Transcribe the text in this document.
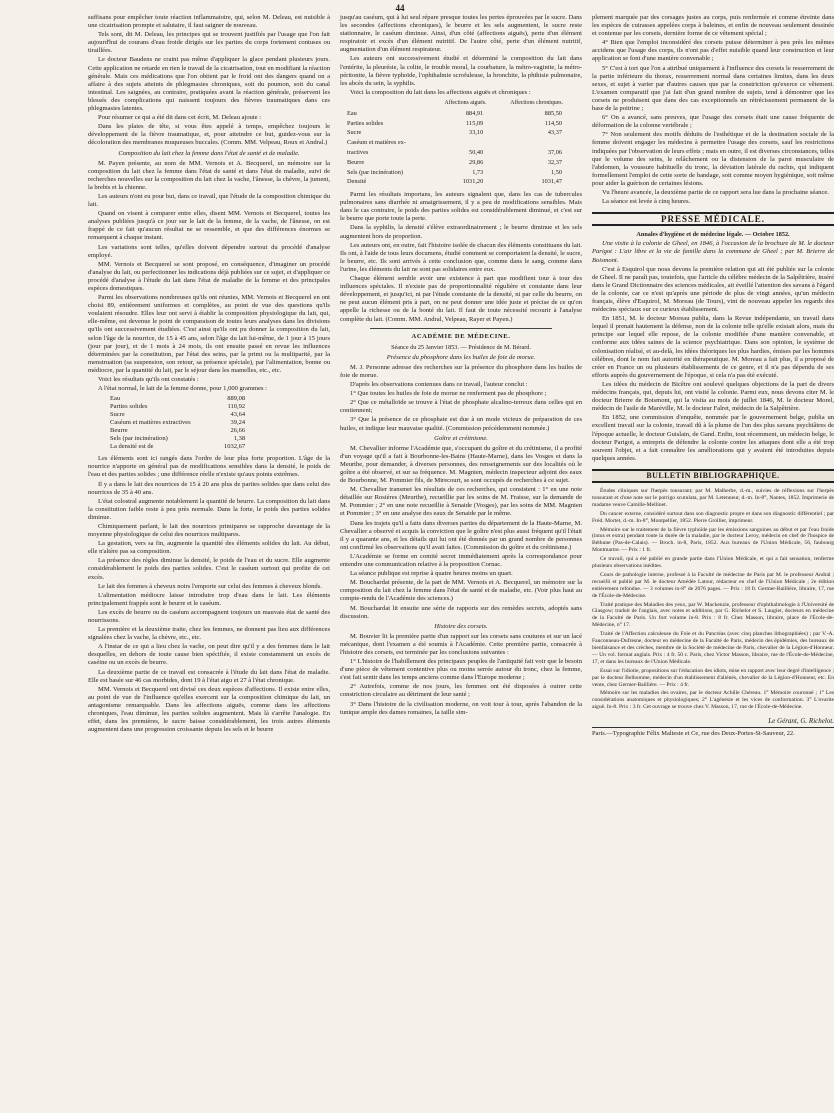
44

suffisans pour empêcher toute réaction inflammatoire, qui, selon M. Deleau, est nuisible à une cicatrisation prompte et salutaire, il faut saigner de nouveau.

Tels sont, dit M. Deleau, les principes qui se trouvent justifiés par l'usage que l'on fait aujourd'hui de courans d'eau froide dirigés sur les parties du corps fortement contuses ou tiraillées.

Le docteur Baudens ne craint pas même d'appliquer la glace pendant plusieurs jours. Cette application ne retarde en rien le travail de la cicatrisation, tout en modifiant la réaction générale. Mais ces médications que l'on obtient par le froid ont des dangers quand on a affaire à des sujets atteints de phlegmasies chroniques, soit du poumon, soit du canal intestinal. Les saignées, au contraire, pratiquées avant la réaction générale, préservent les blessés des complications qui naissent toujours des fièvres traumatiques dans ces phlegmasies latentes.

Pour résumer ce qui a été dit dans cet écrit, M. Deleau ajoute :

Dans les plaies de tête, si vous êtes appelé à temps, empêchez toujours le développement de la fièvre traumatique, et, pour atteindre ce but, guidez-vous sur la décoloration des membranes muqueuses buccales. (Comm. MM. Velpeau, Roux et Andral.)

Composition du lait chez la femme dans l'état de santé et de maladie.

M. Payen présente, au nom de MM. Vernois et A. Becquerel, un mémoire sur la composition du lait chez la femme dans l'état de santé et dans l'état de maladie, suivi de recherches nouvelles sur la composition du lait chez la vache, l'ânesse, la chèvre, la jument, la brebis et la chienne.

Les auteurs n'ont eu pour but, dans ce travail, que l'étude de la composition chimique du lait.

Quand on visent à comparer entre elles, disent MM. Vernois et Becquerel, toutes les analyses publiées jusqu'à ce jour sur le lait de la femme, de la vache, de l'ânesse, on est frappé de ce fait qu'aucun résultat ne se ressemble, et que des différences énormes se remarquent à chaque instant.

Les variations sont telles, qu'elles doivent dépendre surtout du procédé d'analyse employé.

MM. Vernois et Becquerel se sont proposé, en conséquence, d'imaginer un procédé d'analyse du lait, ou perfectionner les indications déjà publiées sur ce sujet, et d'appliquer ce procédé d'analyse à l'étude du lait dans l'état de maladie de la femme et des principales espèces domestiques.

Parmi les observations nombreuses qu'ils ont réunies, MM. Vernois et Becquerel en ont choisi 89, entièrement uniformes et complètes, au point de vue des questions qu'ils voulaient résoudre. Elles leur ont servi à établir la composition physiologique du lait, qui, elle-même, est devenue le point de comparaison de toutes leurs analyses dans les divisions qu'ils ont successivement étudiées. C'est ainsi qu'ils ont pu donner la composition du lait, selon l'âge de la nourrice, de 15 à 45 ans, selon l'âge du lait lui-même, de 1 jour à 15 jours (jour par jour), et de 1 mois à 24 mois, ils ont ensuite passé en revue les influences déterminées par la constitution, par l'état des seins, par la primi ou la multiparité, par la menstruation (sa suspension, son retour, sa présence spéciale), par l'alimentation, bonne ou médiocre, par la quantité du lait, par le séjour dans les mamelles, etc., etc.

Voici les résultats qu'ils ont constatés :

A l'état normal, le lait de la femme donne, pour 1,000 grammes :

Eau	889,08
Parties solides	110,92
Sucre	43,64
Caséum et matières extractives	39,24
Beurre	26,66
Sels (par incinération)	1,38
La densité est de	1032,67

Les éléments sont ici rangés dans l'ordre de leur plus forte proportion. L'âge de la nourrice n'apporte en général pas de modifications sensibles dans la densité, le poids de l'eau et des parties solides ; une différence réelle n'existe qu'aux points extrêmes.

Il y a dans le lait des nourrices de 15 à 20 ans plus de parties solides que dans celui des nourrices de 35 à 40 ans.

L'état colostral augmente notablement la quantité de beurre. La composition du lait dans la constitution faible reste à peu près normale. Dans la forte, le poids des parties solides diminue.

Chimiquement parlant, le lait des nourrices primipares se rapproche davantage de la moyenne physiologique de celui des nourrices multipares.

La gestation, vers sa fin, augmente la quantité des éléments solides du lait. Au début, elle n'altère pas sa composition.

La présence des règles diminue la densité, le poids de l'eau et du sucre. Elle augmente considérablement le poids des parties solides. C'est le caséum surtout qui profite de cet excès.

Le lait des femmes à cheveux noirs l'emporte sur celui des femmes à cheveux blonds.

L'alimentation médiocre laisse introduire trop d'eau dans le lait. Les éléments principalement frappés sont le beurre et le caséum.

Les excès de beurre ou de caséum accompagnent toujours un mauvais état de santé des nourrissons.

La première et la deuxième traite, chez les femmes, ne donnent pas lieu aux différences signalées chez la vache, la chèvre, etc., etc.

A l'instar de ce qui a lieu chez la vache, on peut dire qu'il y a des femmes dans le lait desquelles, en dehors de toute cause bien spécifiée, il existe constamment un excès de caséine ou un excès de beurre.

La deuxième partie de ce travail est consacrée à l'étude du lait dans l'état de maladie. Elle est basée sur 46 cas morbides, dont 19 à l'état aigu et 27 à l'état chronique.

MM. Vernois et Becquerel ont divisé ces deux espèces d'affections. Il existe entre elles, au point de vue de l'influence qu'elles exercent sur la composition chimique du lait, un antagonisme remarquable. Dans les affections aiguës, comme dans les affections chroniques, l'eau diminue, les parties solides augmentent. Mais là s'arrête l'analogie. En effet, dans les premières, le sucre baisse considérablement, les trois autres éléments augmentent dans une progression croissante depuis les sels et le beurre

jusqu'au caséum, qui à lui seul répare presque toutes les pertes éprouvées par le sucre. Dans les secondes (affections chroniques), le beurre et les sels augmentent, le sucre reste stationnaire, le caséum diminue. Ainsi, d'un côté (affections aiguës), perte d'un élément respiratoir et excès d'un élément nutritif. De l'autre côté, perte d'un élément nutritif, augmentation d'un élément respirateur.

Les auteurs ont successivement étudié et déterminé la composition du lait dans l'entérite, la pleurésie, la colite, le trouble moral, la courbature, la métro-vaginite, la métro-péritonite, la fièvre typhoïde, l'ophthalmie scrofuleuse, la bronchite, la phthisie pulmonaire, les abcès du sein, la syphilis.

Voici la composition du lait dans les affections aiguës et chroniques :

	Affections aiguës.	Affections chroniques.
Eau	884,91	885,50
Parties solides	115,09	114,50
Sucre	33,10	43,37
Caséum et matières ex-		
tractives	50,40	37,06
Beurre	29,86	32,37
Sels (par incinération)	1,73	1,50
Densité	1031,20	1031,47

Parmi les résultats importans, les auteurs signalent que, dans les cas de tubercules pulmonaires sans diarrhée ni amaigrissement, il y a peu de modifications sensibles. Mais dans le cas contraire, le poids des parties solides est considérablement diminué, et c'est sur le beurre que porte toute la perte.

Dans la syphilis, la densité s'élève extraordinairement ; le beurre diminue et les sels augmentent hors de proportion.

Les auteurs ont, en outre, fait l'histoire isolée de chacun des éléments constituans du lait. Ils ont, à l'aide de tous leurs documens, étudié comment se comportaient la densité, le sucre, le beurre, etc. Ils sont arrivés à cette conclusion que, comme dans le sang, comme dans l'urine, les éléments du lait ne sont pas solidaires entre eux.

Chaque élément semble avoir une existence à part que modifient tour à tour des influences spéciales. Il n'existe pas de proportionnalité régulière et constante dans leur développement, et jusqu'ici, ni par l'étude constante de la densité, ni par celle du beurre, on ne peut aucun élément pris à part, on ne peut donner une idée juste et précise de ce qu'on appelle la richesse ou de la bonté du lait. Il faut de toute nécessité recourir à l'analyse complète du lait. (Comm. MM. Andral, Velpeau, Rayer et Payen.)

ACADÉMIE DE MÉDECINE.

Séance du 25 Janvier 1853. — Présidence de M. Bérard.

Présence du phosphore dans les huiles de foie de morue.

M. J. Personne adresse des recherches sur la présence du phosphore dans les huiles de foie de morue.

D'après les observations contenues dans ce travail, l'auteur conclut :

1° Que toutes les huiles de foie de morue ne renferment pas de phosphore ;

2° Que ce métalloïde se trouve à l'état de phosphate alcalino-terreux dans celles qui en contiennent;

3° Que la présence de ce phosphate est due à un mode vicieux de préparation de ces huiles, et indique leur mauvaise qualité. (Commission précédemment nommée.)

Goître et crétinisme.

M. Chevallier informe l'Académie que, s'occupant du goître et du crétinisme, il a profité d'un voyage qu'il a fait à Bourbonne-les-Bains (Haute-Marne), dans les Vosges et dans la Meurthe, pour demander, à diverses personnes, des renseignements sur des localités où le goître a été observé, et sur sa fréquence. M. Magnien, médecin inspecteur adjoint des eaux de Bourbonne, M. Pommier fils, de Mirecourt, se sont occupés de recherches à ce sujet.

M. Chevallier transmet les résultats de ces recherches, qui consistent : 1° en une note détaillée sur Rosières (Meurthe), recueillie par les soins de M. Fraisse, sur la demande de M. Pommier ; 2° en une note recueillie à Senaide (Vosges), par les soins de MM. Magnien et Pommier ; 3° en une analyse des eaux de Senaide par le même.

Dans les trajets qu'il a faits dans diverses parties du département de la Haute-Marne, M. Chevallier a observé et acquis la conviction que le goître n'est plus aussi fréquent qu'il l'était il y a quarante ans, et les détails qui lui ont été donnés par un grand nombre de personnes ont confirmé les observations qu'il avait faites. (Commission du goître et du crétinisme.)

L'Académie se forme en comité secret immédiatement après la correspondance pour entendre une communication relative à la proposition Cornac.

La séance publique est reprise à quatre heures moins un quart.

M. Bouchardat présente, de la part de MM. Vernois et A. Becquerel, un mémoire sur la composition du lait chez la femme dans l'état de santé et de maladie, etc. (Voir plus haut au compte-rendu de l'Académie des sciences.)

M. Bouchardat lit ensuite une série de rapports sur des remèdes secrets, adoptés sans discussion.

Histoire des corsets.

M. Bouvier lit la première partie d'un rapport sur les corsets sans coutures et sur un lacé mécanique, dont l'examen a été soumis à l'Académie. Cette première partie, consacrée à l'histoire des corsets, est terminée par les conclusions suivantes :

1° L'histoire de l'habillement des principaux peuples de l'antiquité fait voir que le besoin d'une pièce de vêtement contentive plus ou moins serrée autour du tronc, chez la femme, s'est fait sentir dans les temps anciens comme dans l'Europe moderne ;

2° Autrefois, comme de nos jours, les femmes ont été disposées à outrer cette constriction circulaire au détriment de leur santé ;

3° Dans l'histoire de la civilisation moderne, on voit tour à tour, après l'abandon de la tunique ample des dames romaines, la taille sim-

plement marquée par des corsages justes au corps, puis renfermée et comme étreinte dans les espèces de cuirasses appelées corps à baleines, et enfin de nouveau seulement dessinée et contenue par les corsets, dernière forme de ce vêtement spécial ;

4° Bien que l'emploi inconsidéré des corsets puisse déterminer à peu près les mêmes accidens que l'usage des corps, ils n'ont pas d'effet nuisible quand leur construction et leur application se font d'une manière convenable ;

5° C'est à tort que l'on a attribué uniquement à l'influence des corsets le resserrement de la partie inférieure du thorax, resserrement normal dans certaines limites, dans les deux sexes, et sujet à varier par d'autres causes que par la constriction qu'exerce ce vêtement. L'examen comparatif que j'ai fait d'un grand nombre de sujets, tend à démontrer que les corsets ne produisent que dans des cas exceptionnels un rétrécissement permanent de la base de la poitrine ;

6° On a avancé, sans preuves, que l'usage des corsets était une cause fréquente de déformation de la colonne vertébrale ;

7° Non seulement des motifs déduits de l'esthétique et de la destination sociale de la femme doivent engager les médecins à permettre l'usage des corsets, sauf les restrictions indiquées par l'observation de leurs effets ; mais en outre, il est diverses circonstances, telles que le volume des seins, le relâchement ou la distension de la paroi musculaire de l'abdomen, la voussure habituelle du tronc, la déviation latérale du rachis, qui indiquent formellement l'emploi de cette sorte de bandage, soit comme moyen hygiénique, soit même pour aider la guérison de certaines lésions.

Vu l'heure avancée, la deuxième partie de ce rapport sera lue dans la prochaine séance.

La séance est levée à cinq heures.

PRESSE MÉDICALE.

Annales d'hygiène et de médecine légale. — Octobre 1852.

Une visite à la colonie de Gheel, en 1846, à l'occasion de la brochure de M. le docteur Parigot : L'air libre et la vie de famille dans la commune de Gheel ; par M. Brierre de Boismont.

C'est à Esquirol que nous devons la première relation qui ait été publiée sur la colonie de Gheel. Il ne paraît pas, toutefois, que l'article du célèbre médecin de la Salpêtrière, inséré dans le Grand Dictionnaire des sciences médicales, ait éveillé l'attention des savans à l'égard de la colonie, car ce n'est qu'après une période de plus de vingt années, qu'un médecin français, élève d'Esquirol, M. Moreau (de Tours), vint de nouveau appeler les regards des médecins spéciaux sur ce curieux établissement.

En 1851, M. le docteur Moreau publia, dans la Revue indépendante, un travail dans lequel il prenait hautement la défense, non de la colonie telle qu'elle existait alors, mais du principe sur lequel elle repose, de la colonie modifiée d'une manière convenable, et conforme aux idées saines de la science psychiatrique. Dans son opinion, le système de colonisation réalisé, et au-delà, les idées théoriques les plus hardies, émises par les hommes célèbres, dont le nom fait autorité en thérapeutique. M. Moreau a fait plus, il a proposé de créer en France un ou plusieurs établissements de ce genre, et il n'a pas dépendu de ses efforts auprès du gouvernement de l'époque, si cela n'a pas été exécuté.

Les idées du médecin de Bicêtre ont soulevé quelques objections de la part de divers médecins français, qui, depuis lui, ont visité la colonie. Parmi eux, nous devons citer M. le docteur Brierre de Boismont, qui la visita au mois de juillet 1846, M. le docteur Morel, médecin de l'asile de Maréville, M. le docteur Falret, médecin de la Salpêtrière.

En 1852, une commission d'enquête, nommée par le gouvernement belge, publia un excellent travail sur la colonie, travail dû à la plume de l'un des plus savans psychiâtres de l'époque actuelle, le docteur Guislain, de Gand. Enfin, tout récemment, un médecin belge, le docteur Parigot, a entrepris de défendre la colonie contre les attaques dont elle a été trop souvent l'objet, et a fait connaître les améliorations qui y avaient été introduites depuis quelques années.

BULLETIN BIBLIOGRAPHIQUE.

Études cliniques sur l'herpès tonsurant; par M. Malherbe, d.-m., suivies de réflexions sur l'herpès tonsurant et d'une note sur le porrigo scutulata, par M. Letenneur, d.-m. In-8°, Nantes, 1852. Imprimerie de madame veuve Camille-Mellinet.

Du cancer externe, considéré surtout dans son diagnostic propre et dans son diagnostic différentiel ; par Fréd. Mortet, d.-m. In-8°, Montpellier, 1852. Pierre Grollier, imprimeur.

Mémoire sur le traitement de la fièvre typhoïde par les émissions sanguines au début et par l'eau froide (intus et extra) pendant toute la durée de la maladie, par le docteur Leroy, médecin en chef de l'hospice de Béthune (Pas-de-Calais). — Broch. in-8, Paris, 1852. Aux bureaux de l'Union Médicale, 56, faubourg Montmartre. — Prix : 1 fr.

Ce travail, qui a été publié en grande partie dans l'Union Médicale, et qui a fait sensation, renferme plusieurs observations inédites.

Cours de pathologie interne, professé à la Faculté de médecine de Paris par M. le professeur Andral ; recueilli et publié par M. le docteur Amédée Latour, rédacteur en chef de l'Union Médicale ; 2e édition entièrement refondue. — 3 volumes in-8° de 2076 pages. — Prix : 18 fr. Germer-Baillière, libraire, 17, rue de l'École-de-Médecine.

Traité pratique des Maladies des yeux, par W. Mackenzie, professeur d'ophthalmologie à l'Université de Glasgow; traduit de l'anglais, avec notes et additions, par G. Richelot et S. Laugier, docteurs en médecine de la Faculté de Paris. Un fort volume in-8. Prix : 8 fr. Chez Masson, libraire, place de l'École-de-Médecine, n° 17.

Traité de l'Affection calculeuse du Foie et du Pancréas (avec cinq planches lithographiées) ; par V.-A. Fauconneau-Dufresne, docteur en médecine de la Faculté de Paris, médecin des épidémies, des bureaux de bienfaisance et des crèches, membre de la Société de médecine de Paris, chevalier de la Légion-d'Honneur. — Un vol. format anglais. Prix : 4 fr. 50 c. Paris, chez Victor Masson, libraire, rue de l'École-de-Médecine, 17, et dans les bureaux de l'Union Médicale.

Essai sur l'idiotie, propositions sur l'éducation des idiots, mise en rapport avec leur degré d'intelligence ; par le docteur Belhomme, médecin d'un établissement d'aliénés, chevalier de la Légion-d'Honneur, etc. En vente, chez Germer-Baillière. — Prix : 4 fr.

Mémoire sur les maladies des ovaires, par le docteur Achille Chéreau. 1° Mémoire couronné ; 1° Les considérations anatomiques et physiologiques; 2° L'agénésie et les vices de conformation. 3° L'ovarite aiguë. In-8. Prix : 3 fr. Cet ouvrage se trouve chez V. Masson, 17, rue de l'École-de-Médecine.

Le Gérant, G. Richelot.

Paris.—Typographie Félix Malteste et Ce, rue des Deux-Portes-St-Sauveur, 22.
